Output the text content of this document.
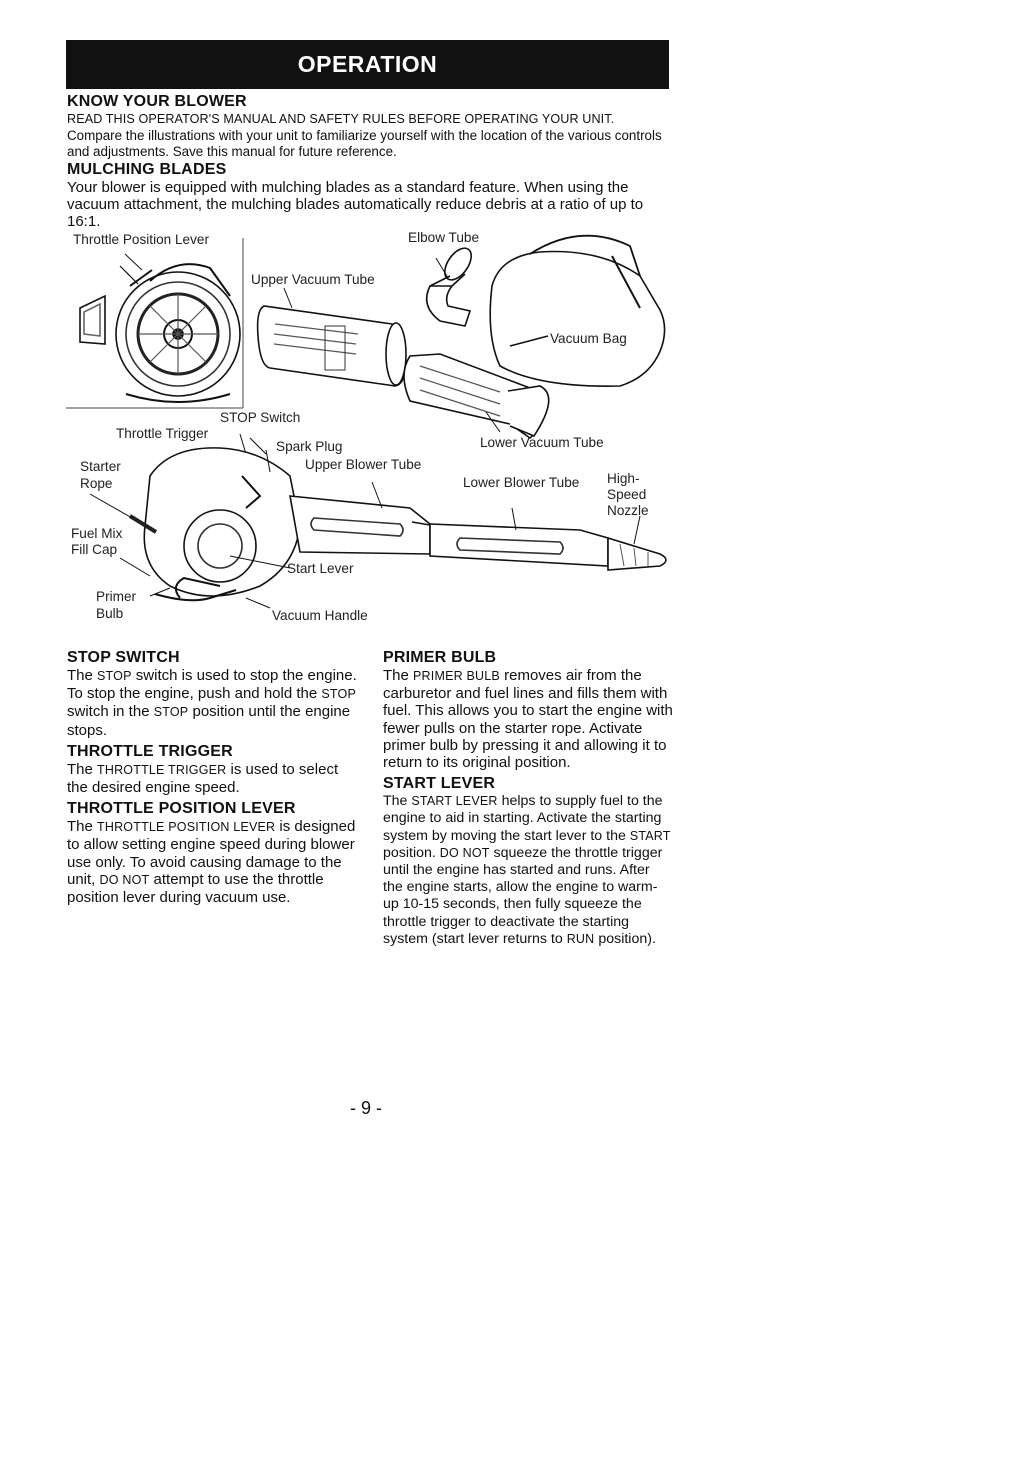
OPERATION
KNOW YOUR BLOWER

READ THIS OPERATOR'S MANUAL AND SAFETY RULES BEFORE OPERATING YOUR UNIT. Compare the illustrations with your unit to familiarize yourself with the location of the various controls and adjustments. Save this manual for future reference.

MULCHING BLADES

Your blower is equipped with mulching blades as a standard feature. When using the vacuum attachment, the mulching blades automatically reduce debris at a ratio of up to 16:1.

Throttle Position Lever	Elbow Tube
Upper Vacuum Tube
Vacuum Bag
STOP Switch
Throttle Trigger
Spark Plug	Lower Vacuum Tube
Starter
Rope
Upper Blower Tube
Lower Blower Tube High-
Speed
Nozzle
Fuel Mix
Fill Cap
Start Lever
Primer
Bulb	Vacuum Handle
STOP SWITCH

The STOP switch is used to stop the engine. To stop the engine, push and hold the STOP switch in the STOP position until the engine stops.

THROTTLE TRIGGER

The THROTTLE TRIGGER is used to select the desired engine speed.

THROTTLE POSITION LEVER

The THROTTLE POSITION LEVER is designed to allow setting engine speed during blower use only. To avoid causing damage to the unit, DO NOT attempt to use the throttle position lever during vacuum use.

PRIMER BULB

The PRIMER BULB removes air from the carburetor and fuel lines and fills them with fuel. This allows you to start the engine with fewer pulls on the starter rope. Activate primer bulb by pressing it and allowing it to return to its original position.

START LEVER

The START LEVER helps to supply fuel to the engine to aid in starting. Activate the starting system by moving the start lever to the START position. DO NOT squeeze the throttle trigger until the engine has started and runs. After the engine starts, allow the engine to warm-up 10-15 seconds, then fully squeeze the throttle trigger to deactivate the starting system (start lever returns to RUN position).

- 9 -
